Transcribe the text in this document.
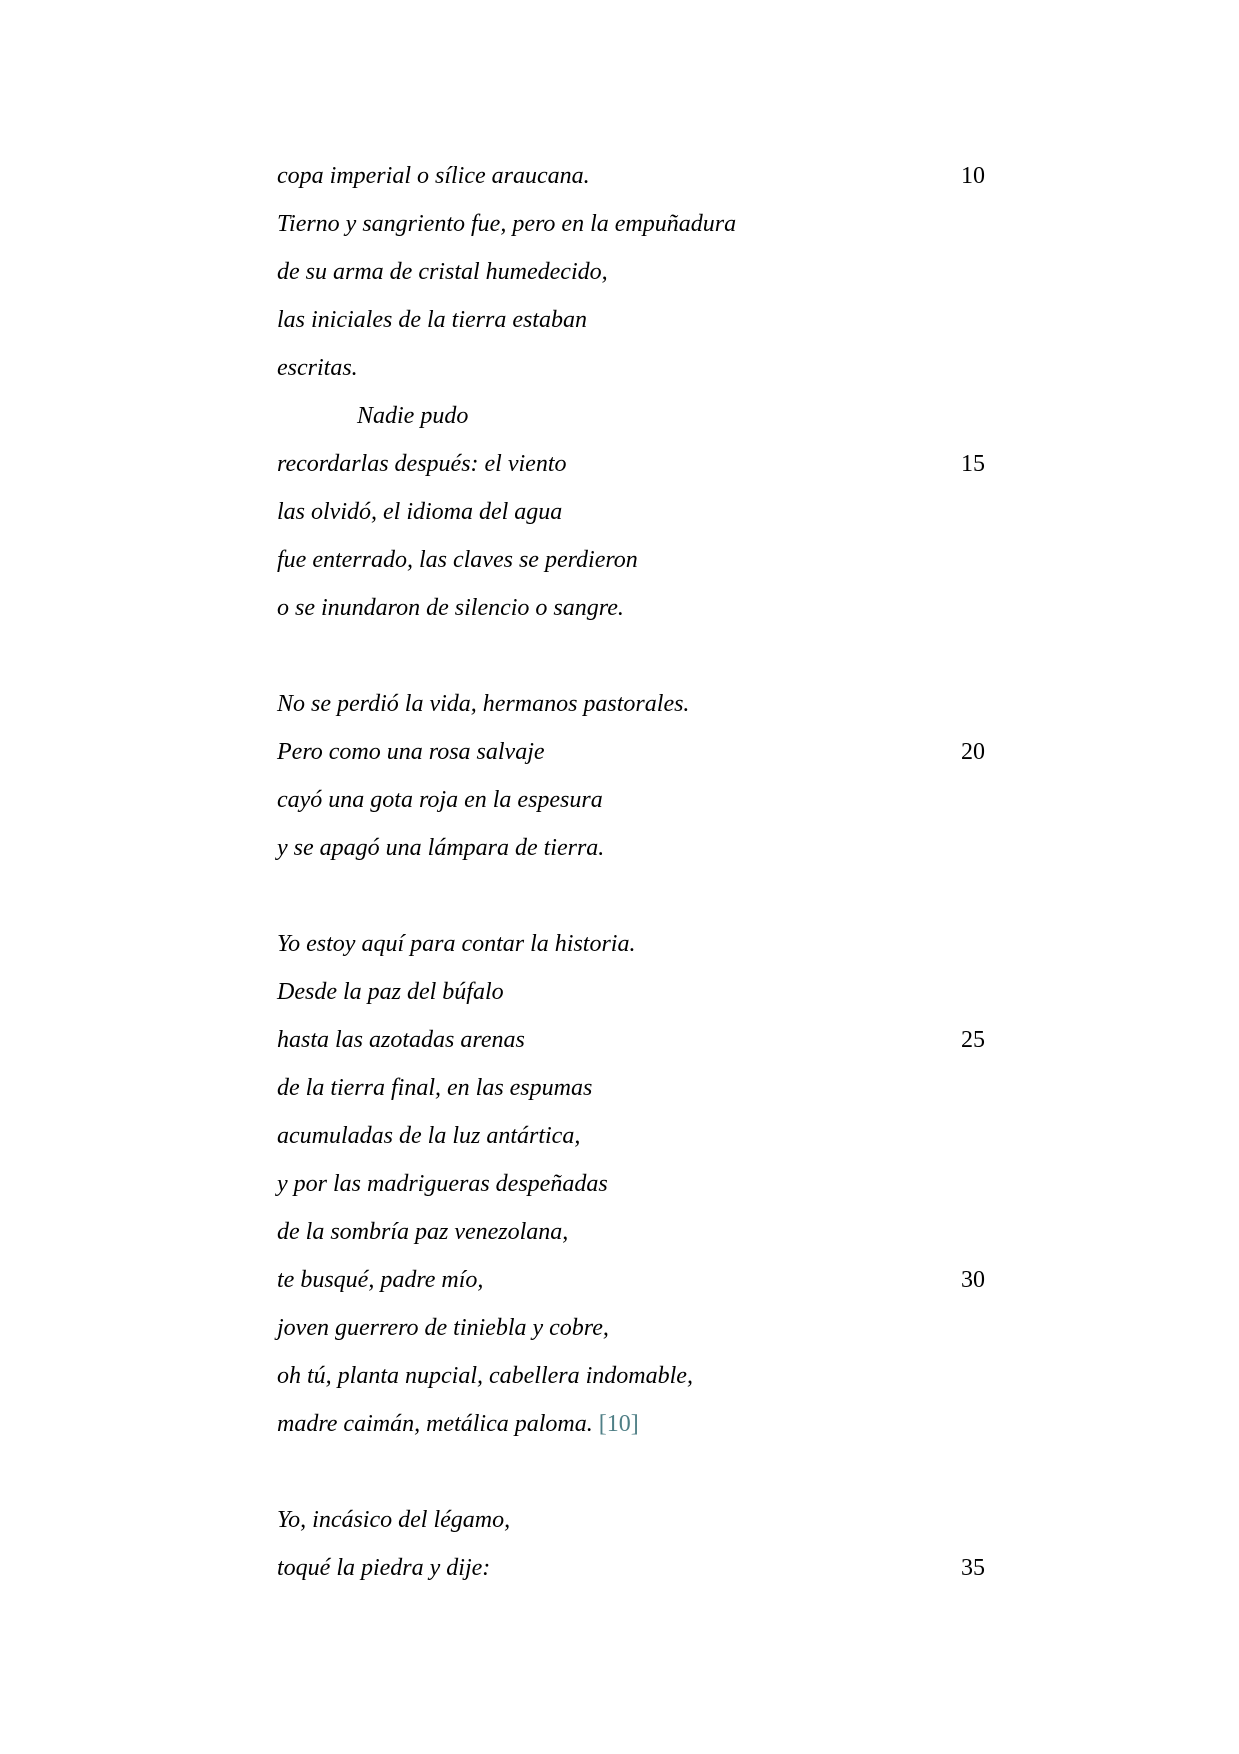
copa imperial o sílice araucana.	10
Tierno y sangriento fue, pero en la empuñadura
de su arma de cristal humedecido,
las iniciales de la tierra estaban
escritas.
Nadie pudo
recordarlas después: el viento	15
las olvidó, el idioma del agua
fue enterrado, las claves se perdieron
o se inundaron de silencio o sangre.
No se perdió la vida, hermanos pastorales.
Pero como una rosa salvaje	20
cayó una gota roja en la espesura
y se apagó una lámpara de tierra.
Yo estoy aquí para contar la historia.
Desde la paz del búfalo
hasta las azotadas arenas	25
de la tierra final, en las espumas
acumuladas de la luz antártica,
y por las madrigueras despeñadas
de la sombría paz venezolana,
te busqué, padre mío,	30
joven guerrero de tiniebla y cobre,
oh tú, planta nupcial, cabellera indomable,
madre caimán, metálica paloma. [10]
Yo, incásico del légamo,
toqué la piedra y dije:	35
